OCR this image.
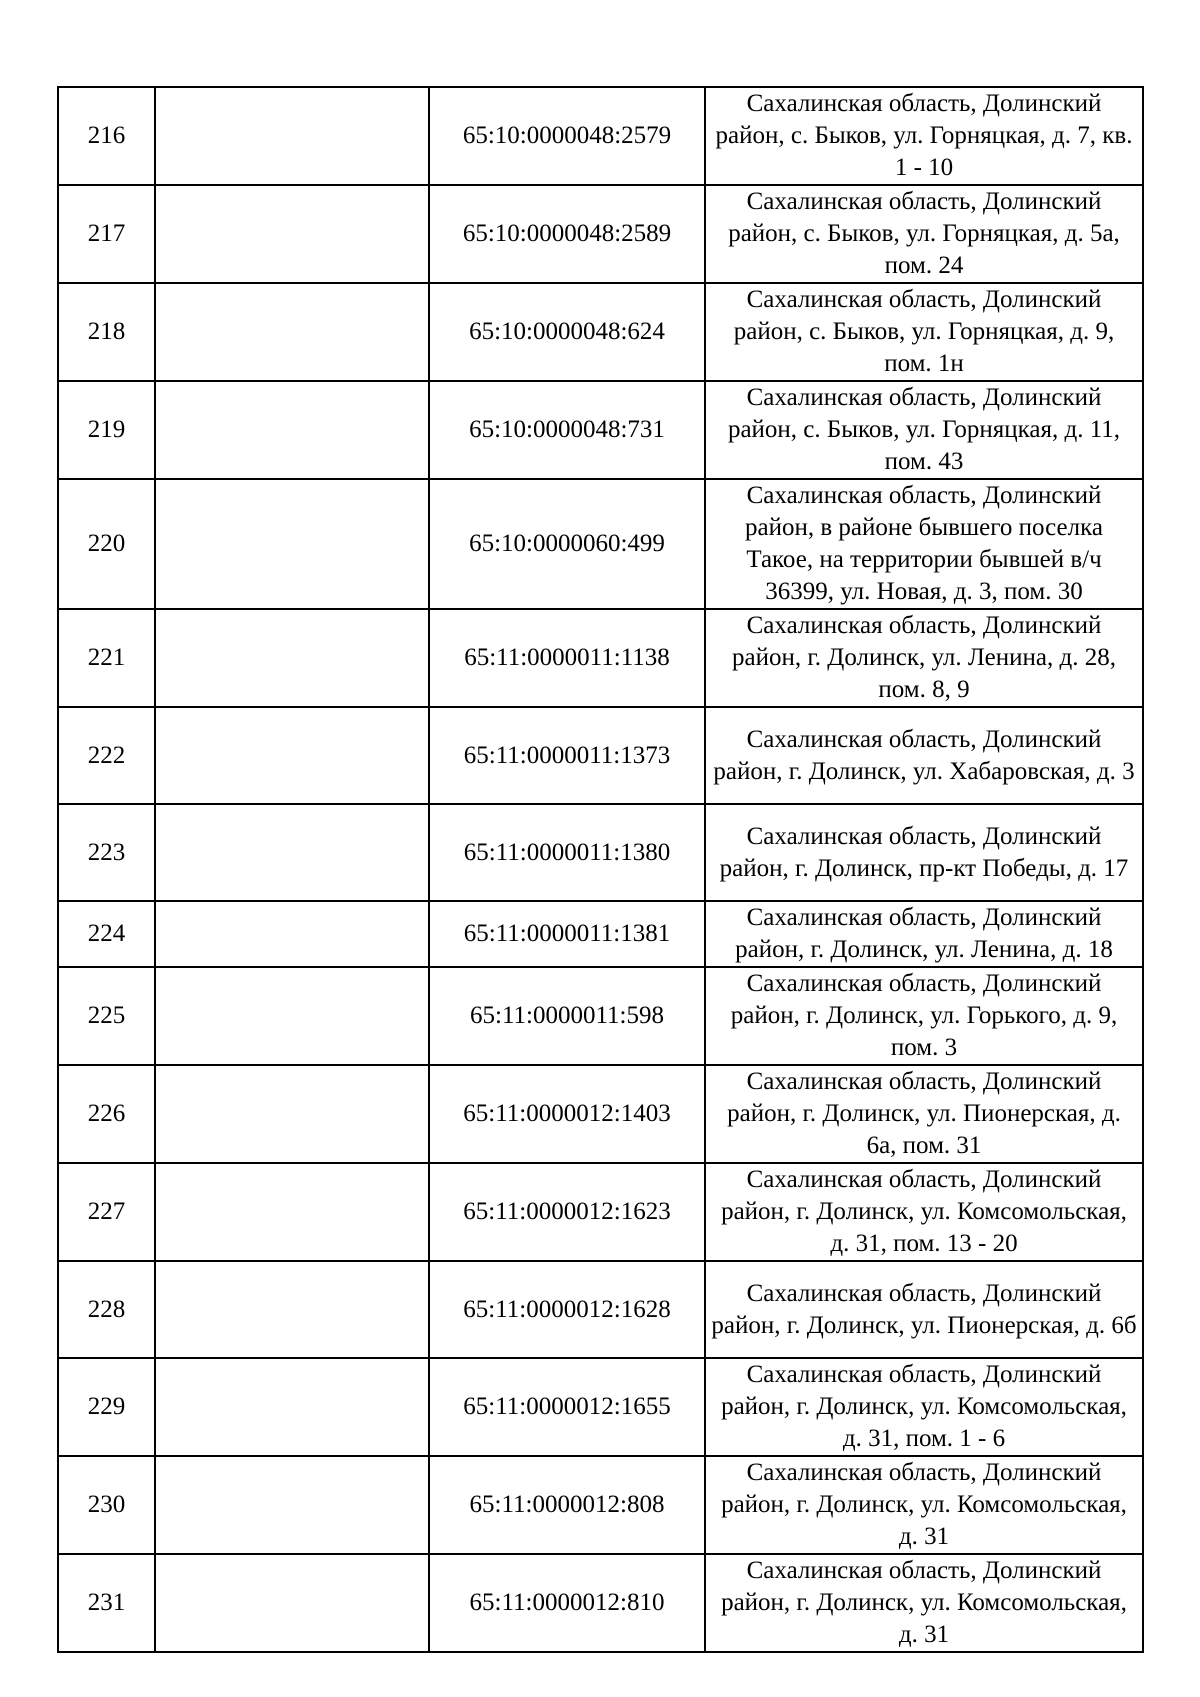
216		65:10:0000048:2579	Сахалинская область, Долинский район, с. Быков, ул. Горняцкая, д. 7, кв. 1 - 10
217		65:10:0000048:2589	Сахалинская область, Долинский район, с. Быков, ул. Горняцкая, д. 5а, пом. 24
218		65:10:0000048:624	Сахалинская область, Долинский район, с. Быков, ул. Горняцкая, д. 9, пом. 1н
219		65:10:0000048:731	Сахалинская область, Долинский район, с. Быков, ул. Горняцкая, д. 11, пом. 43
220		65:10:0000060:499	Сахалинская область, Долинский район, в районе бывшего поселка Такое, на территории бывшей в/ч 36399, ул. Новая, д. 3, пом. 30
221		65:11:0000011:1138	Сахалинская область, Долинский район, г. Долинск, ул. Ленина, д. 28, пом. 8, 9
222		65:11:0000011:1373	Сахалинская область, Долинский район, г. Долинск, ул. Хабаровская, д. 3
223		65:11:0000011:1380	Сахалинская область, Долинский район, г. Долинск, пр-кт Победы, д. 17
224		65:11:0000011:1381	Сахалинская область, Долинский район, г. Долинск, ул. Ленина, д. 18
225		65:11:0000011:598	Сахалинская область, Долинский район, г. Долинск, ул. Горького, д. 9, пом. 3
226		65:11:0000012:1403	Сахалинская область, Долинский район, г. Долинск, ул. Пионерская, д. 6а, пом. 31
227		65:11:0000012:1623	Сахалинская область, Долинский район, г. Долинск, ул. Комсомольская, д. 31, пом. 13 - 20
228		65:11:0000012:1628	Сахалинская область, Долинский район, г. Долинск, ул. Пионерская, д. 6б
229		65:11:0000012:1655	Сахалинская область, Долинский район, г. Долинск, ул. Комсомольская, д. 31, пом. 1 - 6
230		65:11:0000012:808	Сахалинская область, Долинский район, г. Долинск, ул. Комсомольская, д. 31
231		65:11:0000012:810	Сахалинская область, Долинский район, г. Долинск, ул. Комсомольская, д. 31
